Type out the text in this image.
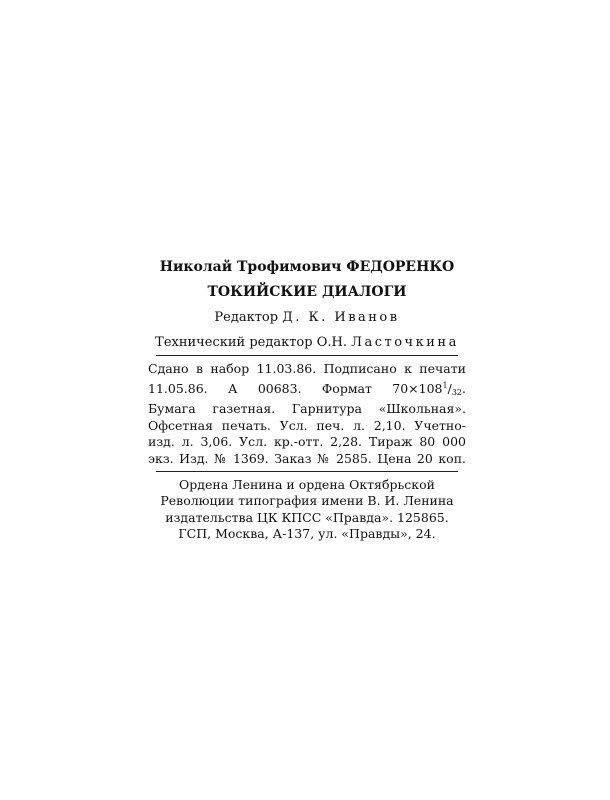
Николай Трофимович ФЕДОРЕНКО
ТОКИЙСКИЕ ДИАЛОГИ
Редактор Д. К. Иванов
Технический редактор О.Н. Ласточкина
Сдано в набор 11.03.86. Подписано к печати
11.05.86. А 00683. Формат $70\times 108^1/_{32}$.
Бумага газетная. Гарнитура «Школьная».
Офсетная печать. Усл. печ. л. 2,10. Учетно-
изд. л. 3,06. Усл. кр.-отт. 2,28. Тираж 80 000
экз. Изд. № 1369. Заказ № 2585. Цена 20 коп.
Ордена Ленина и ордена Октябрьской
Революции типография имени В. И. Ленина
издательства ЦК КПСС «Правда». 125865.
ГСП, Москва, А-137, ул. «Правды», 24.
